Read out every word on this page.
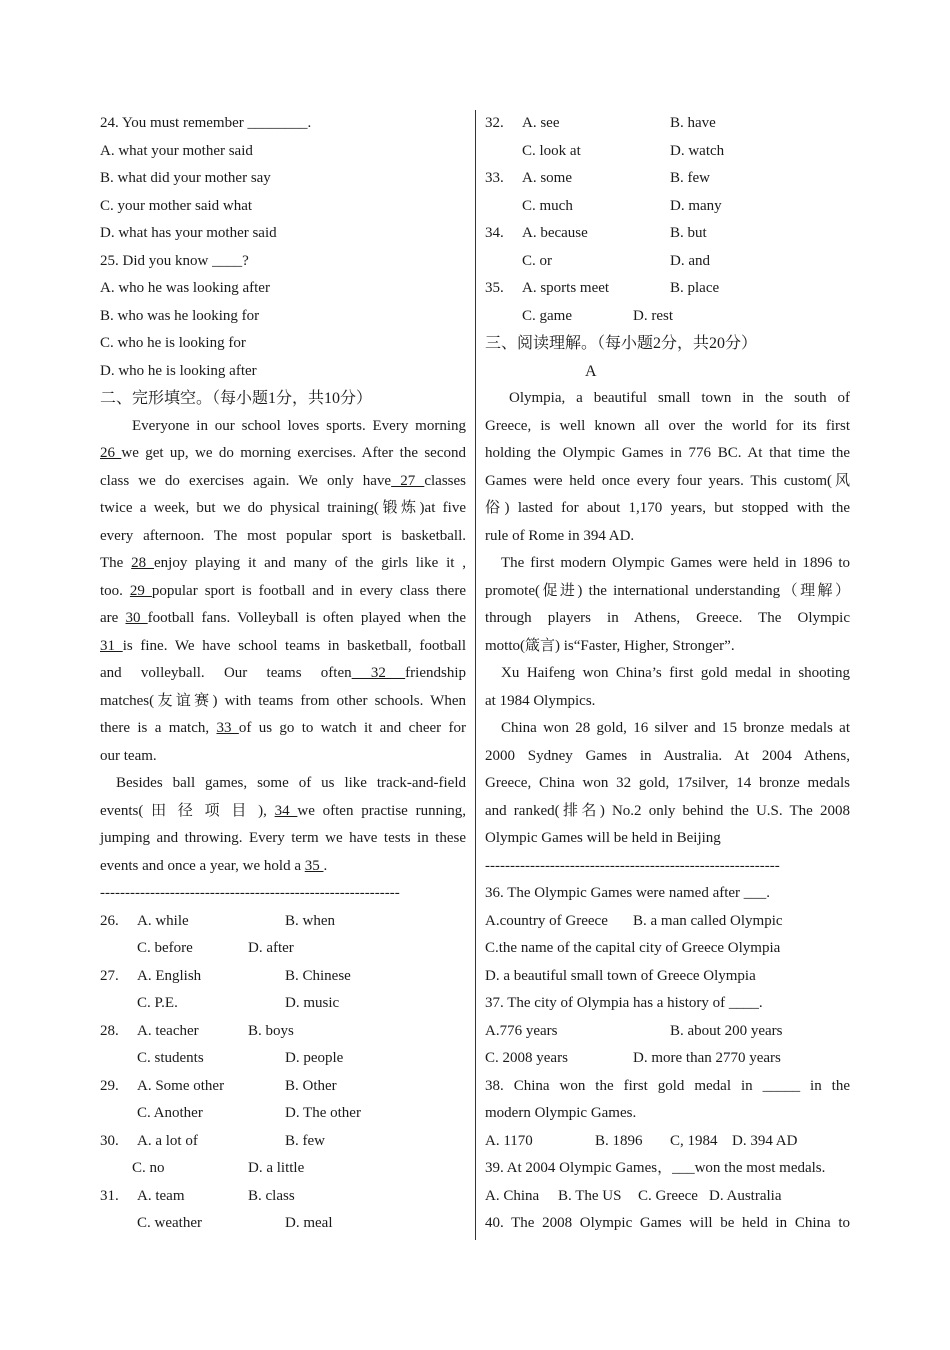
24. You must remember ________.
A. what your mother said
B. what did your mother say
C. your mother said what
D. what has your mother said
25. Did you know ____?
A. who he was looking after
B. who was he looking for
C. who he is looking for
D. who he is looking after
二、完形填空。（每小题1分，共10分）
Everyone in our school loves sports. Every morning
26 we get up, we do morning exercises. After the second
class we do exercises again. We only have 27 classes
twice a week, but we do physical training(锻炼)at five
every afternoon. The most popular sport is basketball.
The 28 enjoy playing it and many of the girls like it ,
too. 29 popular sport is football and in every class there
are 30 football fans. Volleyball is often played when the
31 is fine. We have school teams in basketball, football
and volleyball. Our teams often 32 friendship
matches(友谊赛) with teams from other schools. When
there is a match, 33 of us go to watch it and cheer for
our team.
Besides ball games, some of us like track-and-field
events( 田 径 项 目 ), 34 we often practise running,
jumping and throwing. Every term we have tests in these
events and once a year, we hold a 35 .
------------------------------------------------------------
26. A. while	B. when
C. before	D. after
27. A. English	B. Chinese
C. P.E.	D. music
28. A. teacher	B. boys
C. students	D. people
29. A. Some other	B. Other
C. Another	D. The other
30. A. a lot of	B. few
C. no	D. a little
31. A. team	B. class
C. weather	D. meal
32. A. see	B. have
C. look at	D. watch
33. A. some	B. few
C. much	D. many
34. A. because	B. but
C. or	D. and
35. A. sports meet	B. place
C. game	D. rest
三、阅读理解。（每小题2分，共20分）
A
Olympia, a beautiful small town in the south of
Greece, is well known all over the world for its first
holding the Olympic Games in 776 BC. At that time the
Games were held once every four years. This custom(风
俗) lasted for about 1,170 years, but stopped with the
rule of Rome in 394 AD.
The first modern Olympic Games were held in 1896 to
promote(促进) the international understanding（理解）
through players in Athens, Greece. The Olympic
motto(箴言) is“Faster, Higher, Stronger”.
Xu Haifeng won China’s first gold medal in shooting
at 1984 Olympics.
China won 28 gold, 16 silver and 15 bronze medals at
2000 Sydney Games in Australia. At 2004 Athens,
Greece, China won 32 gold, 17silver, 14 bronze medals
and ranked(排名) No.2 only behind the U.S. The 2008
Olympic Games will be held in Beijing
-----------------------------------------------------------
36. The Olympic Games were named after ___.
A.country of Greece B. a man called Olympic
C.the name of the capital city of Greece Olympia
D. a beautiful small town of Greece Olympia
37. The city of Olympia has a history of ____.
A.776 years	B. about 200 years
C. 2008 years	D. more than 2770 years
38. China won the first gold medal in _____ in the
modern Olympic Games.
A. 1170	B. 1896 C, 1984 D. 394 AD
39. At 2004 Olympic Games，___won the most medals.
A. China B. The US C. Greece D. Australia
40. The 2008 Olympic Games will be held in China to
